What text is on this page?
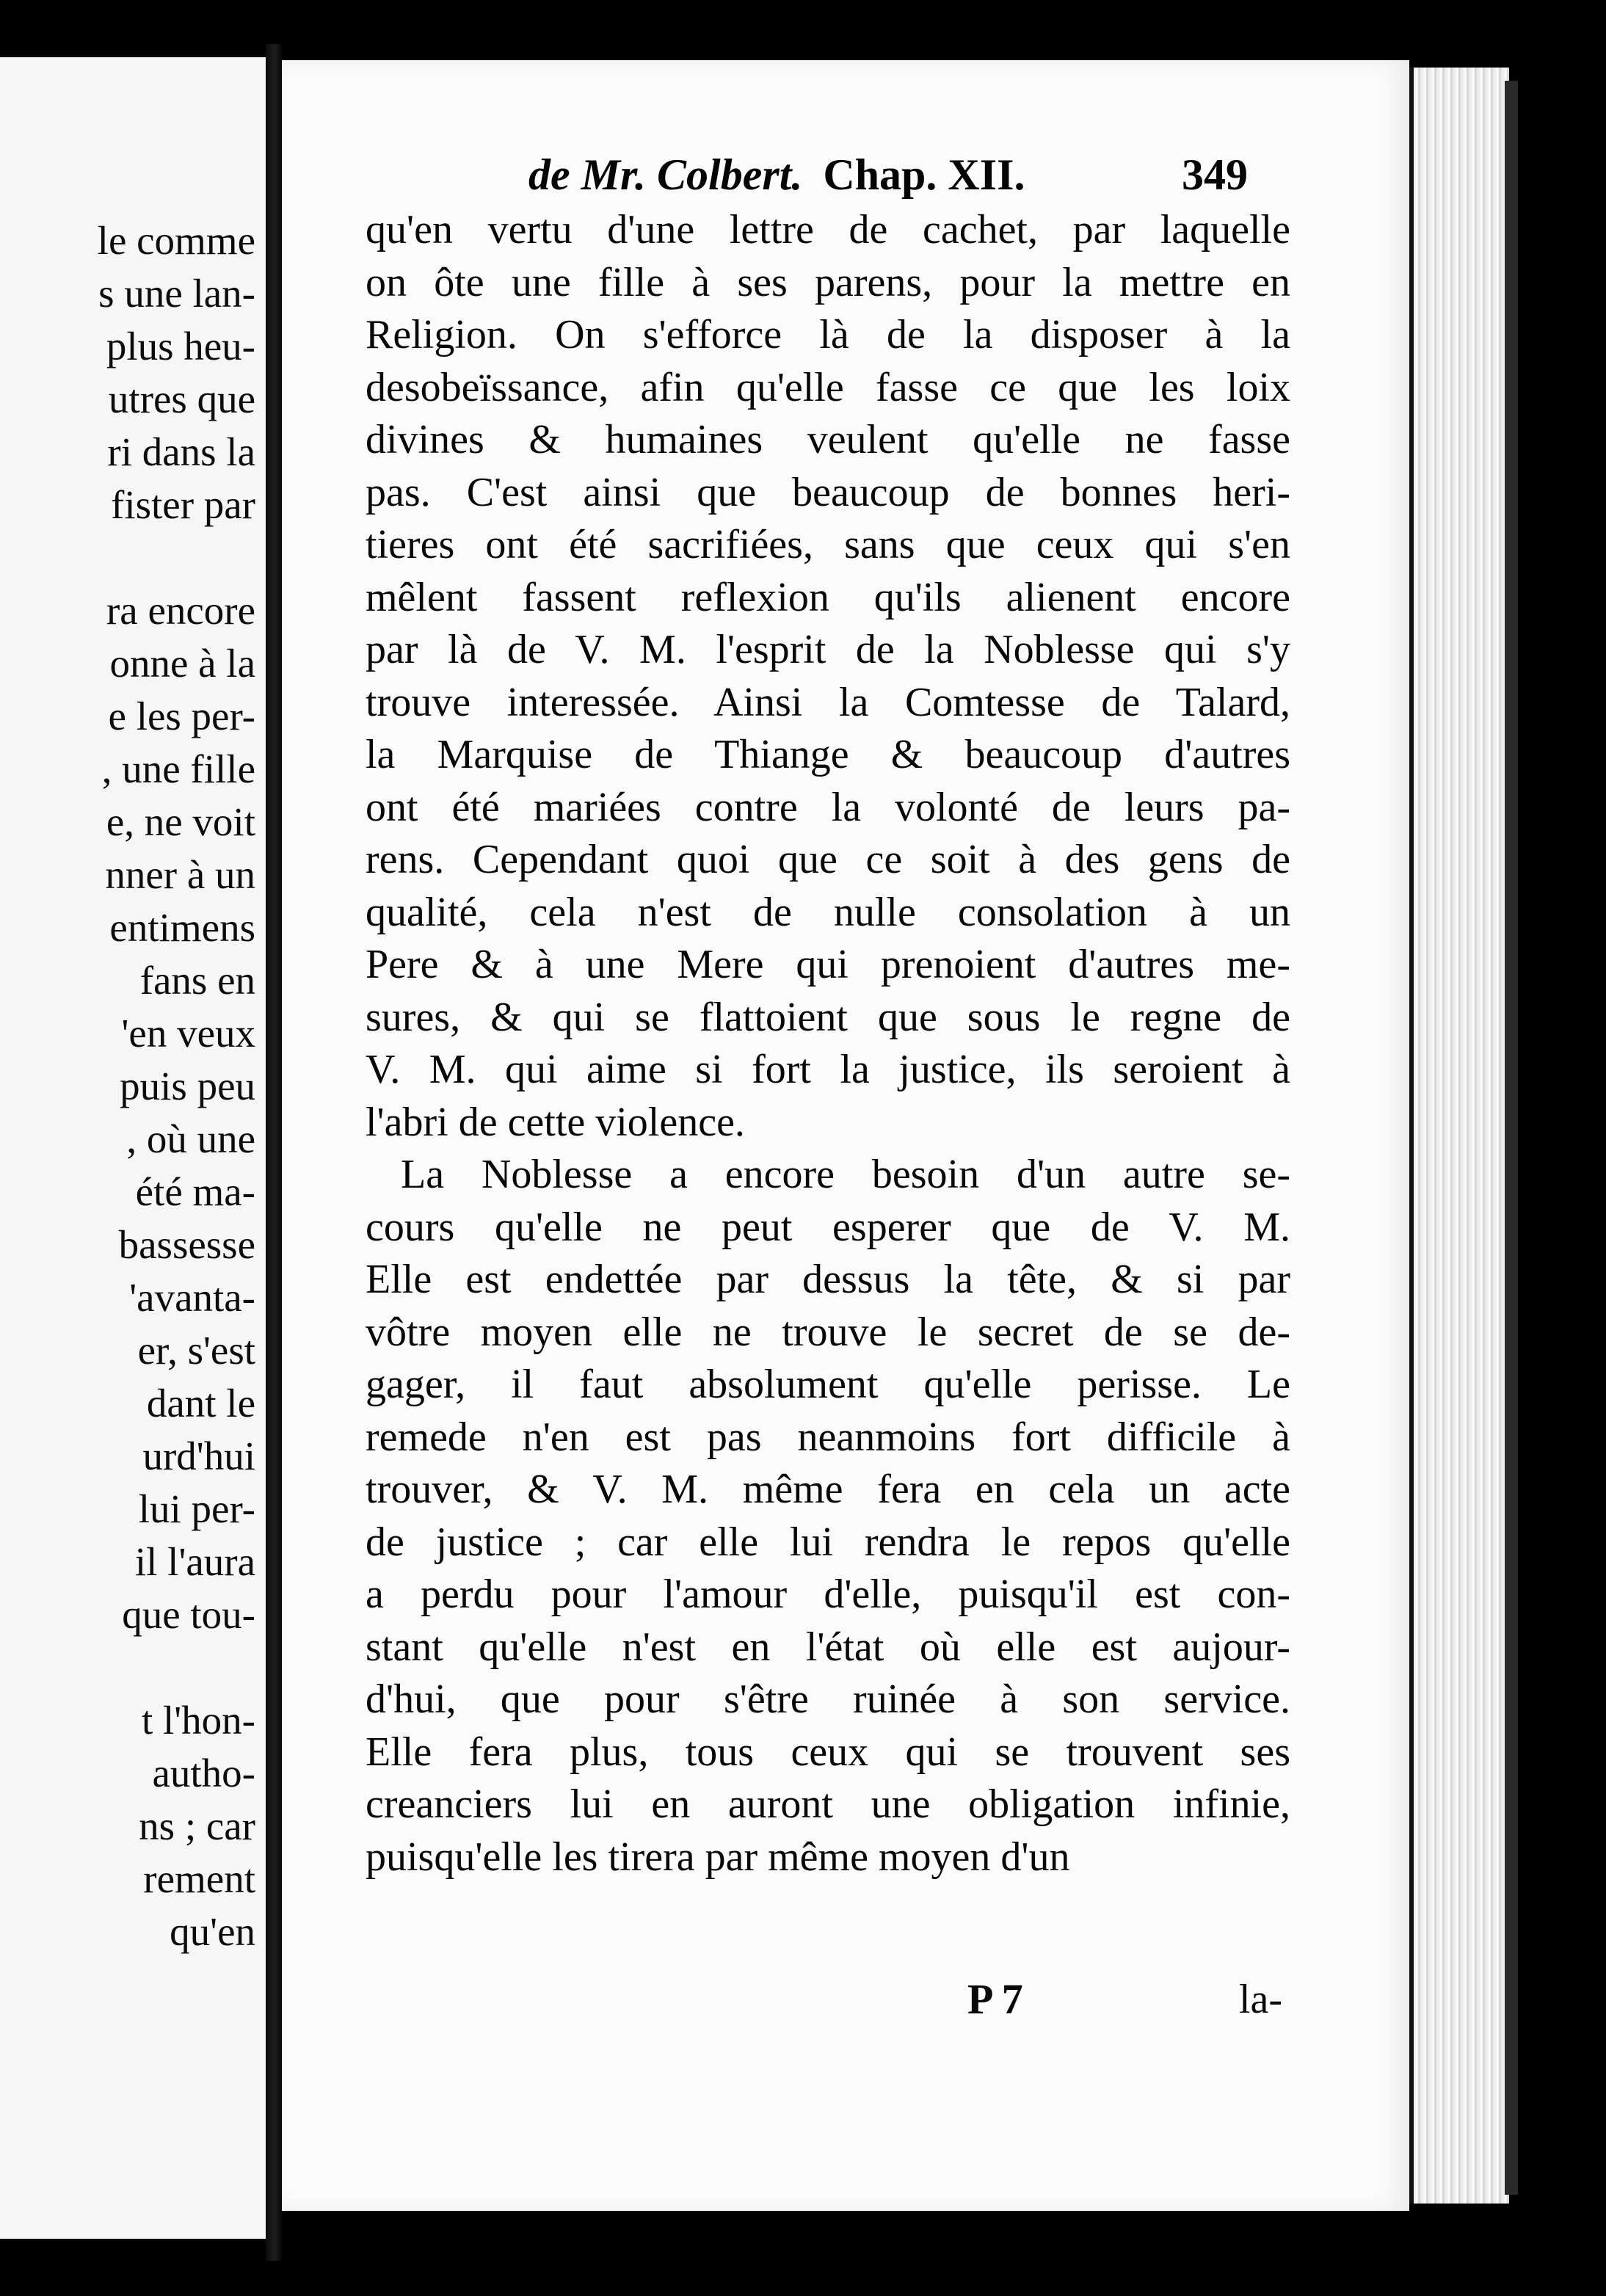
le comme
s une lan-
plus heu-
utres que
ri dans la
fister par
ra encore
onne à la
e les per-
, une fille
e, ne voit
nner à un
entimens
fans en
'en veux
puis peu
, où une
été ma-
bassesse
'avanta-
er, s'est
dant le
urd'hui
lui per-
il l'aura
que tou-
t l'hon-
autho-
ns ; car
rement
qu'en
de Mr. Colbert. Chap. XII.	349
qu'en vertu d'une lettre de cachet, par laquelle
on ôte une fille à ses parens, pour la mettre en
Religion. On s'efforce là de la disposer à la
desobeïssance, afin qu'elle fasse ce que les loix
divines & humaines veulent qu'elle ne fasse
pas. C'est ainsi que beaucoup de bonnes heri-
tieres ont été sacrifiées, sans que ceux qui s'en
mêlent fassent reflexion qu'ils alienent encore
par là de V. M. l'esprit de la Noblesse qui s'y
trouve interessée. Ainsi la Comtesse de Talard,
la Marquise de Thiange & beaucoup d'autres
ont été mariées contre la volonté de leurs pa-
rens. Cependant quoi que ce soit à des gens de
qualité, cela n'est de nulle consolation à un
Pere & à une Mere qui prenoient d'autres me-
sures, & qui se flattoient que sous le regne de
V. M. qui aime si fort la justice, ils seroient à
l'abri de cette violence.
La Noblesse a encore besoin d'un autre se-
cours qu'elle ne peut esperer que de V. M.
Elle est endettée par dessus la tête, & si par
vôtre moyen elle ne trouve le secret de se de-
gager, il faut absolument qu'elle perisse. Le
remede n'en est pas neanmoins fort difficile à
trouver, & V. M. même fera en cela un acte
de justice ; car elle lui rendra le repos qu'elle
a perdu pour l'amour d'elle, puisqu'il est con-
stant qu'elle n'est en l'état où elle est aujour-
d'hui, que pour s'être ruinée à son service.
Elle fera plus, tous ceux qui se trouvent ses
creanciers lui en auront une obligation infinie,
puisqu'elle les tirera par même moyen d'un
P 7	la-
